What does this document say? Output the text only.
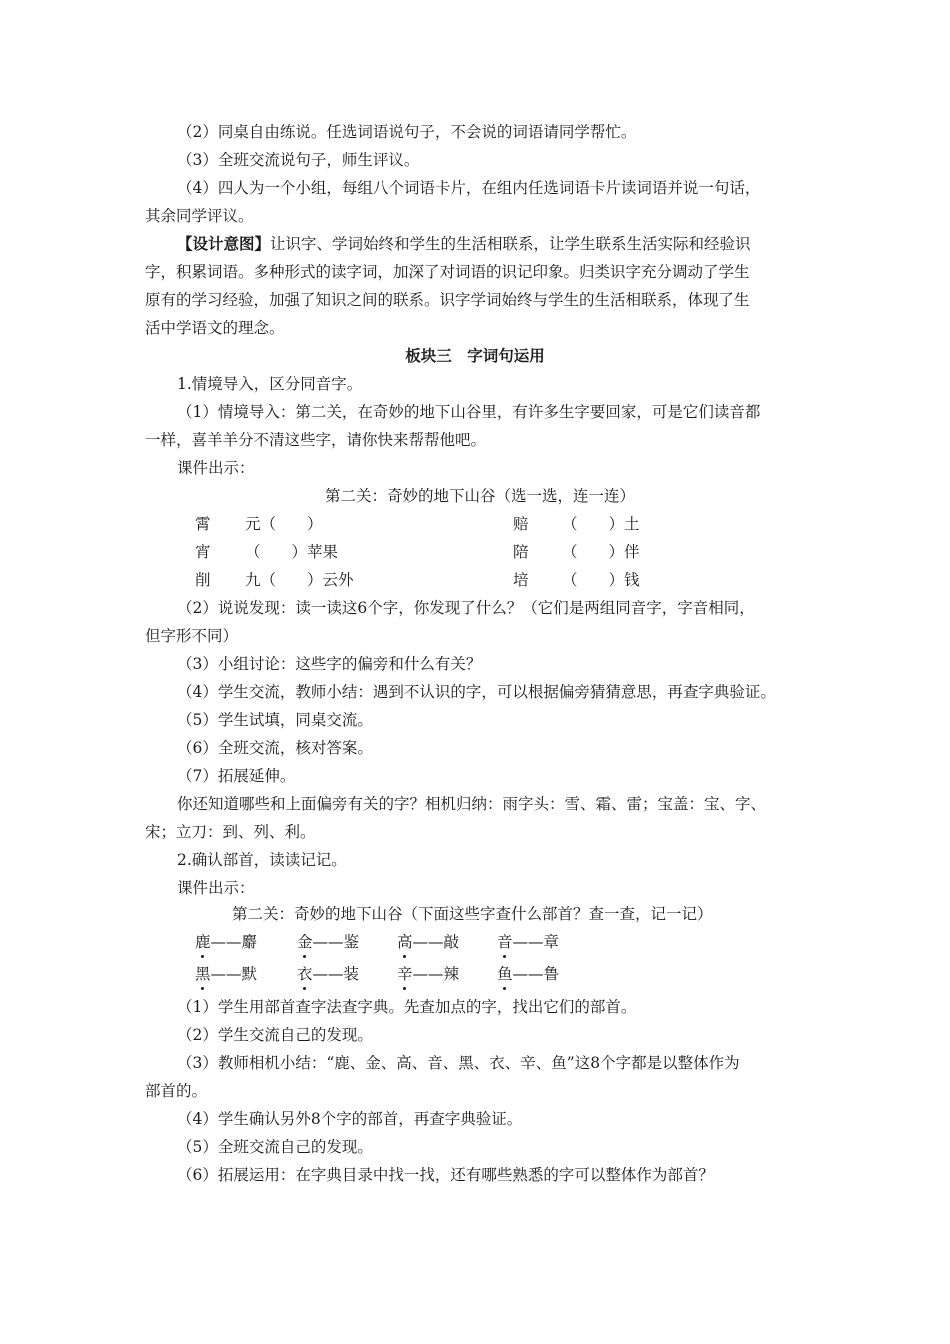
（2）同桌自由练说。任选词语说句子，不会说的词语请同学帮忙。
（3）全班交流说句子，师生评议。
（4）四人为一个小组，每组八个词语卡片，在组内任选词语卡片读词语并说一句话，
其余同学评议。
【设计意图】让识字、学词始终和学生的生活相联系，让学生联系生活实际和经验识
字，积累词语。多种形式的读字词，加深了对词语的识记印象。归类识字充分调动了学生
原有的学习经验，加强了知识之间的联系。识字学词始终与学生的生活相联系，体现了生
活中学语文的理念。
板块三　字词句运用
1.情境导入，区分同音字。
（1）情境导入：第二关，在奇妙的地下山谷里，有许多生字要回家，可是它们读音都
一样，喜羊羊分不清这些字，请你快来帮帮他吧。
课件出示：
第二关：奇妙的地下山谷（选一选，连一连）
霄 元（　　）	赔 （　　）土
宵 （　　）苹果	陪 （　　）伴
削 九（　　）云外	培 （　　）钱
（2）说说发现：读一读这6个字，你发现了什么？（它们是两组同音字，字音相同，
但字形不同）
（3）小组讨论：这些字的偏旁和什么有关？
（4）学生交流，教师小结：遇到不认识的字，可以根据偏旁猜猜意思，再查字典验证。
（5）学生试填，同桌交流。
（6）全班交流，核对答案。
（7）拓展延伸。
你还知道哪些和上面偏旁有关的字？相机归纳：雨字头：雪、霜、雷；宝盖：宝、字、
宋；立刀：到、列、利。
2.确认部首，读读记记。
课件出示：
第二关：奇妙的地下山谷（下面这些字查什么部首？查一查，记一记）
鹿——麝	金——鉴 高——敲 音——章
黑——默	衣——装 辛——辣 鱼——鲁
（1）学生用部首查字法查字典。先查加点的字，找出它们的部首。
（2）学生交流自己的发现。
（3）教师相机小结：“鹿、金、高、音、黑、衣、辛、鱼”这8个字都是以整体作为
部首的。
（4）学生确认另外8个字的部首，再查字典验证。
（5）全班交流自己的发现。
（6）拓展运用：在字典目录中找一找，还有哪些熟悉的字可以整体作为部首？
